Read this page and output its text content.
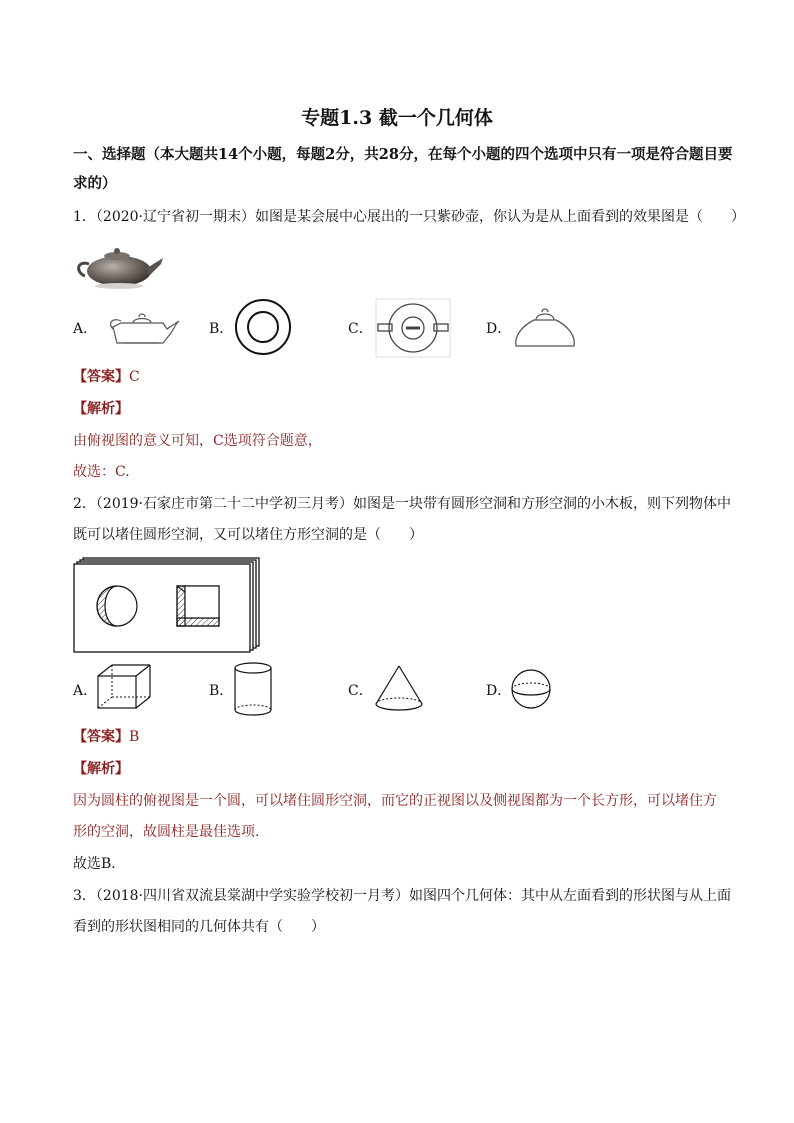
专题1.3 截一个几何体
一、选择题（本大题共14个小题，每题2分，共28分，在每个小题的四个选项中只有一项是符合题目要
求的）
1．（2020·辽宁省初一期末）如图是某会展中心展出的一只紫砂壶，你认为是从上面看到的效果图是（　　）
A．	B．	C．	D．
【答案】C
【解析】
由俯视图的意义可知，C选项符合题意，
故选：C.
2．（2019·石家庄市第二十二中学初三月考）如图是一块带有圆形空洞和方形空洞的小木板，则下列物体中
既可以堵住圆形空洞，又可以堵住方形空洞的是（　　）
A．	B．	C．	D．
【答案】B
【解析】
因为圆柱的俯视图是一个圆，可以堵住圆形空洞，而它的正视图以及侧视图都为一个长方形，可以堵住方
形的空洞，故圆柱是最佳选项.
故选B．
3．（2018·四川省双流县棠湖中学实验学校初一月考）如图四个几何体：其中从左面看到的形状图与从上面
看到的形状图相同的几何体共有（　　）
